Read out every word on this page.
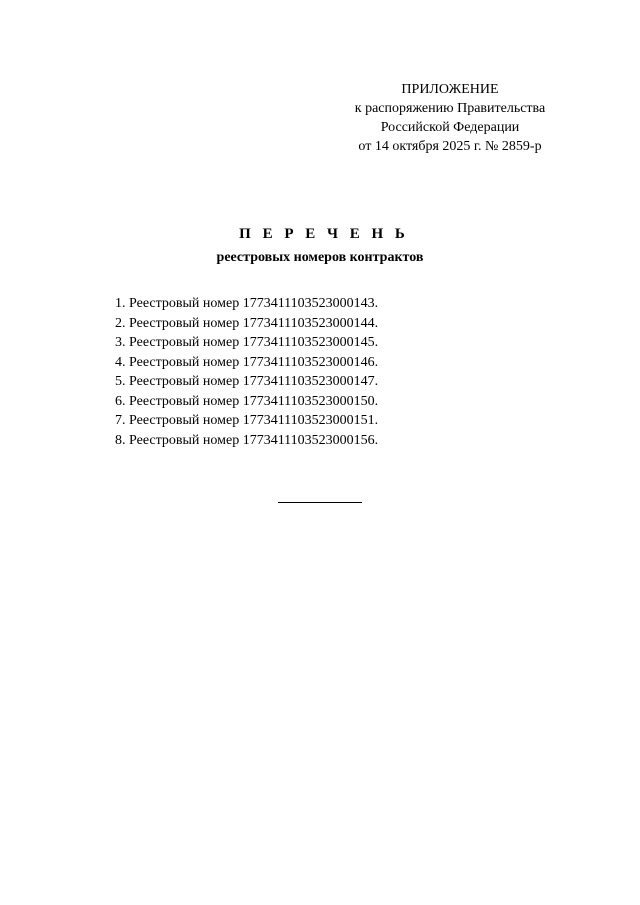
ПРИЛОЖЕНИЕ
к распоряжению Правительства
Российской Федерации
от 14 октября 2025 г. № 2859-р
П Е Р Е Ч Е Н Ь
реестровых номеров контрактов
1. Реестровый номер 1773411103523000143.
2. Реестровый номер 1773411103523000144.
3. Реестровый номер 1773411103523000145.
4. Реестровый номер 1773411103523000146.
5. Реестровый номер 1773411103523000147.
6. Реестровый номер 1773411103523000150.
7. Реестровый номер 1773411103523000151.
8. Реестровый номер 1773411103523000156.
